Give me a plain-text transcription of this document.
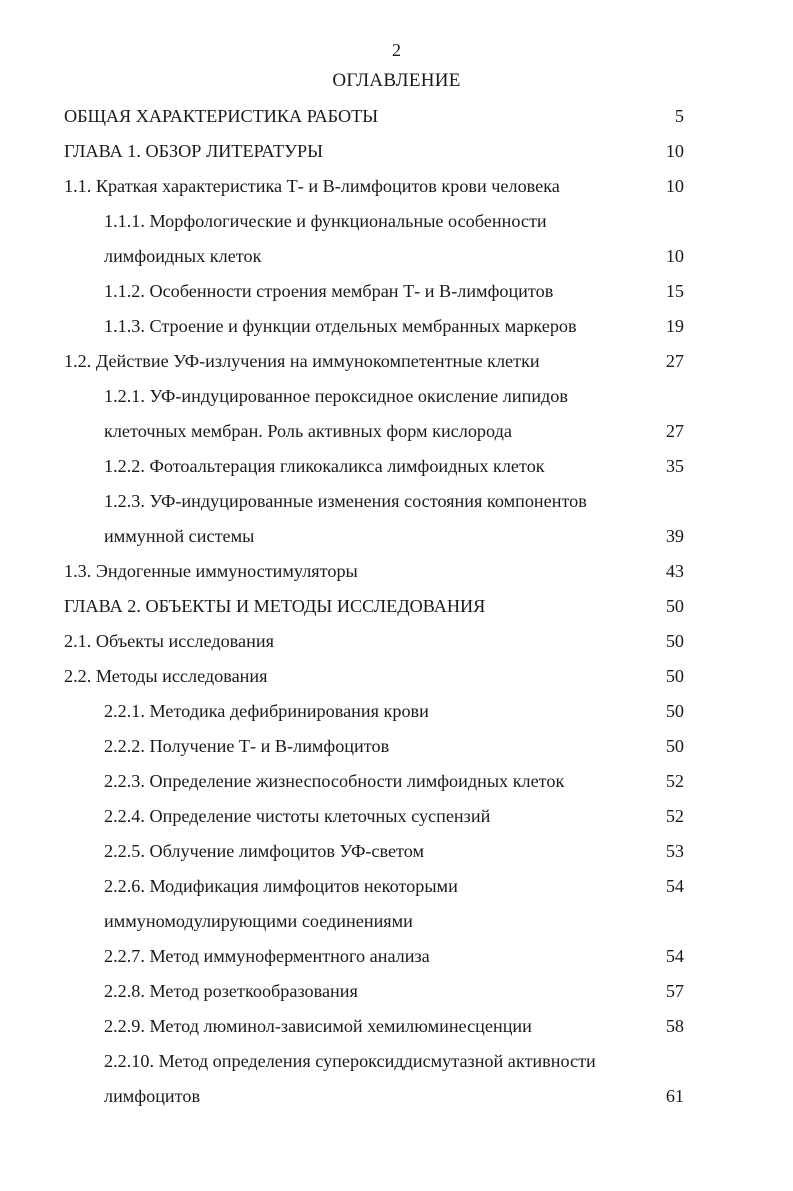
2
ОГЛАВЛЕНИЕ
ОБЩАЯ ХАРАКТЕРИСТИКА РАБОТЫ	5
ГЛАВА 1. ОБЗОР ЛИТЕРАТУРЫ	10
1.1. Краткая характеристика Т- и В-лимфоцитов крови человека	10
1.1.1. Морфологические и функциональные особенности
лимфоидных клеток	10
1.1.2. Особенности строения мембран Т- и В-лимфоцитов	15
1.1.3. Строение и функции отдельных мембранных маркеров	19
1.2. Действие УФ-излучения на иммунокомпетентные клетки	27
1.2.1. УФ-индуцированное пероксидное окисление липидов
клеточных мембран. Роль активных форм кислорода	27
1.2.2. Фотоальтерация гликокаликса лимфоидных клеток	35
1.2.3. УФ-индуцированные изменения состояния компонентов
иммунной системы	39
1.3. Эндогенные иммуностимуляторы	43
ГЛАВА 2. ОБЪЕКТЫ И МЕТОДЫ ИССЛЕДОВАНИЯ	50
2.1. Объекты исследования	50
2.2. Методы исследования	50
2.2.1. Методика дефибринирования крови	50
2.2.2. Получение Т- и В-лимфоцитов	50
2.2.3. Определение жизнеспособности лимфоидных клеток	52
2.2.4. Определение чистоты клеточных суспензий	52
2.2.5. Облучение лимфоцитов УФ-светом	53
2.2.6. Модификация лимфоцитов некоторыми	54
иммуномодулирующими соединениями
2.2.7. Метод иммуноферментного анализа	54
2.2.8. Метод розеткообразования	57
2.2.9. Метод люминол-зависимой хемилюминесценции	58
2.2.10. Метод определения супероксиддисмутазной активности
лимфоцитов	61
